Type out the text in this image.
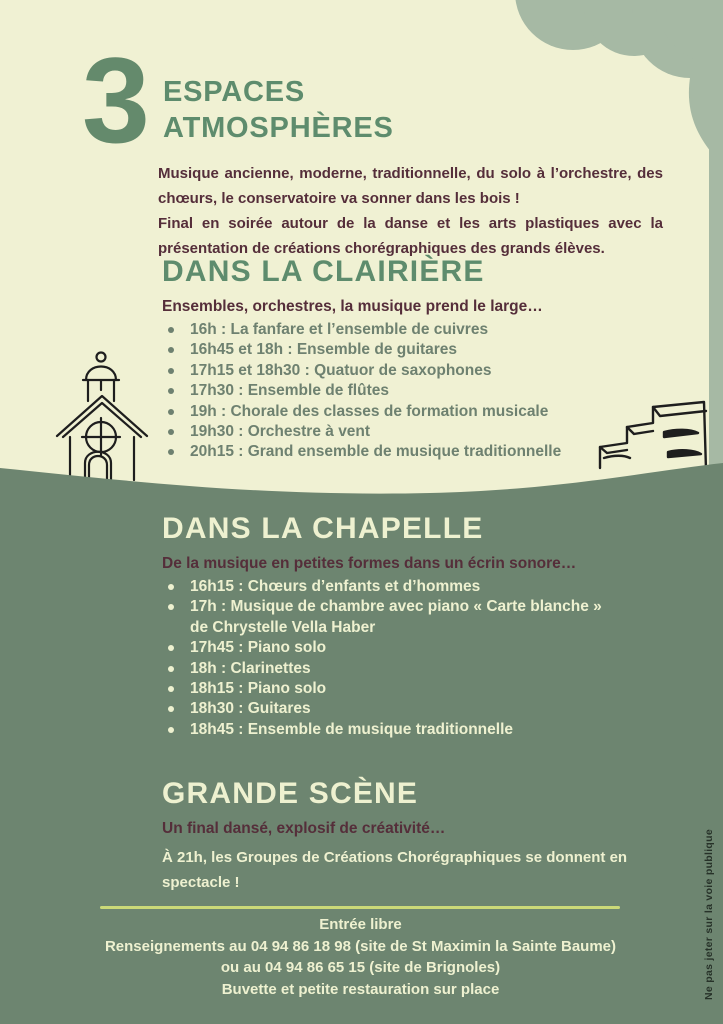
3 ESPACES
ATMOSPHÈRES

Musique ancienne, moderne, traditionnelle, du solo à l’orchestre, des chœurs, le conservatoire va sonner dans les bois !

Final en soirée autour de la danse et les arts plastiques avec la présentation de créations chorégraphiques des grands élèves.

DANS LA CLAIRIÈRE

Ensembles, orchestres, la musique prend le large…

16h : La fanfare et l’ensemble de cuivres
16h45 et 18h : Ensemble de guitares
17h15 et 18h30 : Quatuor de saxophones
17h30 : Ensemble de flûtes
19h : Chorale des classes de formation musicale
19h30 : Orchestre à vent
20h15 : Grand ensemble de musique traditionnelle
DANS LA CHAPELLE

De la musique en petites formes dans un écrin sonore…

16h15 : Chœurs d’enfants et d’hommes
17h : Musique de chambre avec piano « Carte blanche »
de Chrystelle Vella Haber
17h45 : Piano solo
18h : Clarinettes
18h15 : Piano solo
18h30 : Guitares
18h45 : Ensemble de musique traditionnelle
GRANDE SCÈNE

Un final dansé, explosif de créativité…

À 21h, les Groupes de Créations Chorégraphiques se donnent en spectacle !

Entrée libre
Renseignements au 04 94 86 18 98 (site de St Maximin la Sainte Baume)
ou au 04 94 86 65 15 (site de Brignoles)
Buvette et petite restauration sur place	Ne pas jeter sur la voie publique
